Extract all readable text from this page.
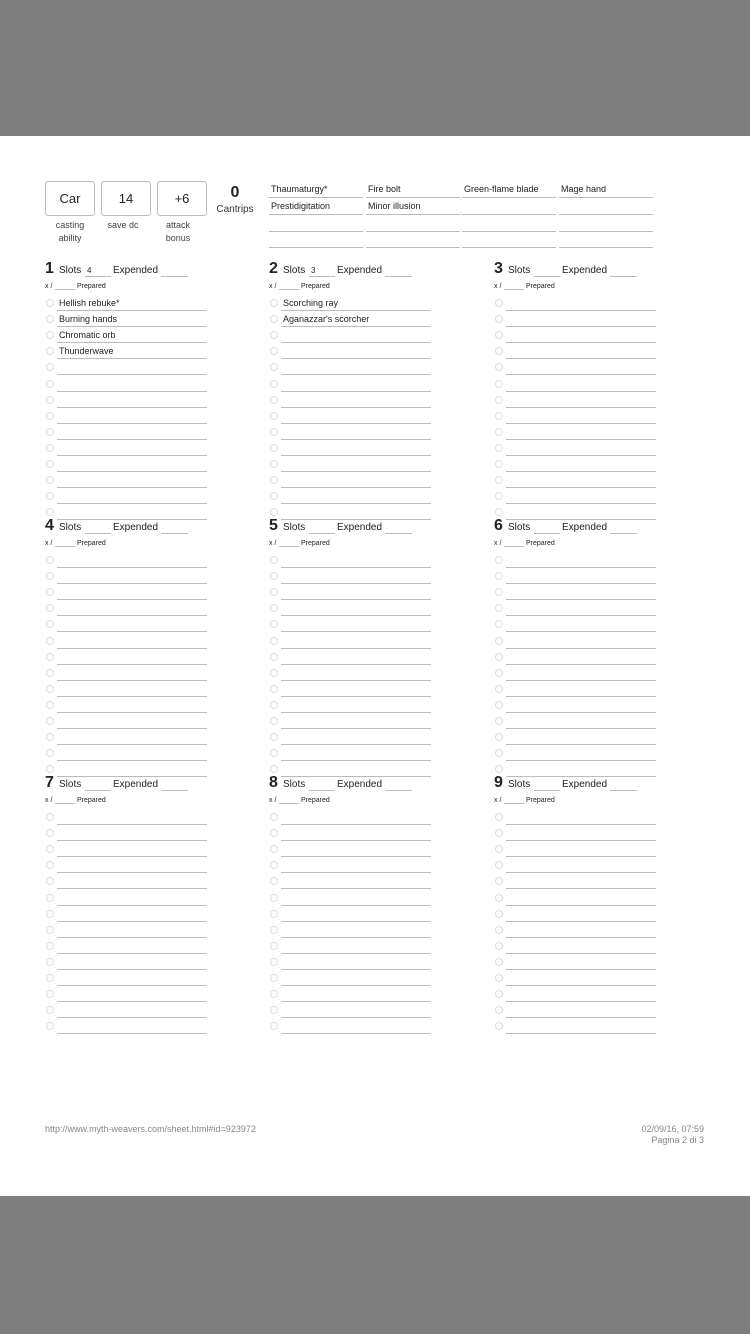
Car
casting
ability
14
save dc
+6
attack
bonus
0
Cantrips
Thaumaturgy*	Fire bolt	Green-flame blade	Mage hand
Prestidigitation	Minor illusion
1 Slots 4	Expended
x /	Prepared
Hellish rebuke*
Burning hands
Chromatic orb
Thunderwave
2 Slots 3	Expended
x /	Prepared
Scorching ray
Aganazzar's scorcher
3 Slots	Expended
x /	Prepared
4 Slots	Expended
x /	Prepared
5 Slots	Expended
x /	Prepared
6 Slots	Expended
x /	Prepared
7 Slots	Expended
x /	Prepared
8 Slots	Expended
x /	Prepared
9 Slots	Expended
x /	Prepared
http://www.myth-weavers.com/sheet.html#id=923972	02/09/16, 07:59
Pagina 2 di 3
